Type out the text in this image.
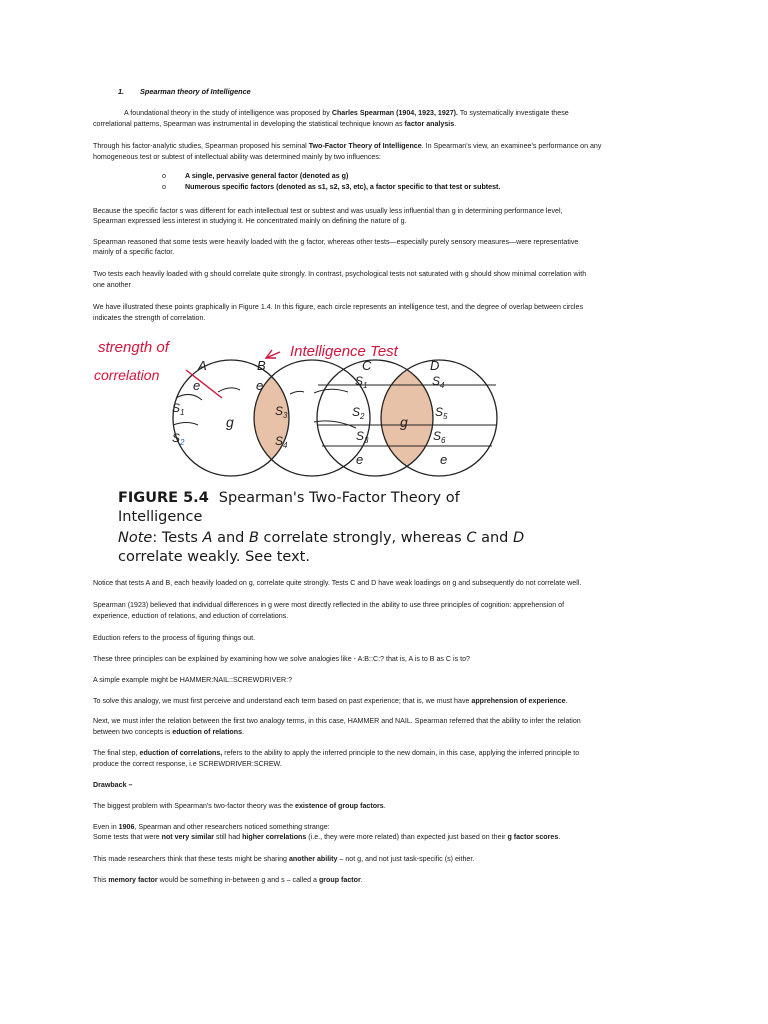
1. Spearman theory of Intelligence
A foundational theory in the study of intelligence was proposed by Charles Spearman (1904, 1923, 1927). To systematically investigate these
correlational patterns, Spearman was instrumental in developing the statistical technique known as factor analysis.
Through his factor-analytic studies, Spearman proposed his seminal Two-Factor Theory of Intelligence. In Spearman's view, an examinee's performance on any
homogeneous test or subtest of intellectual ability was determined mainly by two influences:
o	A single, pervasive general factor (denoted as g)
o	Numerous specific factors (denoted as s1, s2, s3, etc), a factor specific to that test or subtest.
Because the specific factor s was different for each intellectual test or subtest and was usually less influential than g in determining performance level,
Spearman expressed less interest in studying it. He concentrated mainly on defining the nature of g.
Spearman reasoned that some tests were heavily loaded with the g factor, whereas other tests—especially purely sensory measures—were representative
mainly of a specific factor.
Two tests each heavily loaded with g should correlate quite strongly. In contrast, psychological tests not saturated with g should show minimal correlation with
one another
We have illustrated these points graphically in Figure 1.4. In this figure, each circle represents an intelligence test, and the degree of overlap between circles
indicates the strength of correlation.
A	B	C	D
e
$S_1$
$S_2$
g
e
$S_3$
$S_4$
$S_1$
$S_2$
$S_3$
e
g
$S_4$
$S_5$
$S_6$
e
strength of
correlation
Intelligence Test
FIGURE 5.4 Spearman's Two-Factor Theory of
Intelligence
Note: Tests A and B correlate strongly, whereas C and D
correlate weakly. See text.
Notice that tests A and B, each heavily loaded on g, correlate quite strongly. Tests C and D have weak loadings on g and subsequently do not correlate well.
Spearman (1923) believed that individual differences in g were most directly reflected in the ability to use three principles of cognition: apprehension of
experience, eduction of relations, and eduction of correlations.
Eduction refers to the process of figuring things out.
These three principles can be explained by examining how we solve analogies like - A:B::C:? that is, A is to B as C is to?
A simple example might be HAMMER:NAIL::SCREWDRIVER:?
To solve this analogy, we must first perceive and understand each term based on past experience; that is, we must have apprehension of experience.
Next, we must infer the relation between the first two analogy terms, in this case, HAMMER and NAIL. Spearman referred that the ability to infer the relation
between two concepts is eduction of relations.
The final step, eduction of correlations, refers to the ability to apply the inferred principle to the new domain, in this case, applying the inferred principle to
produce the correct response, i.e SCREWDRIVER:SCREW.
Drawback –
The biggest problem with Spearman's two-factor theory was the existence of group factors.
Even in 1906, Spearman and other researchers noticed something strange:
Some tests that were not very similar still had higher correlations (i.e., they were more related) than expected just based on their g factor scores.
This made researchers think that these tests might be sharing another ability – not g, and not just task-specific (s) either.
This memory factor would be something in-between g and s – called a group factor.
